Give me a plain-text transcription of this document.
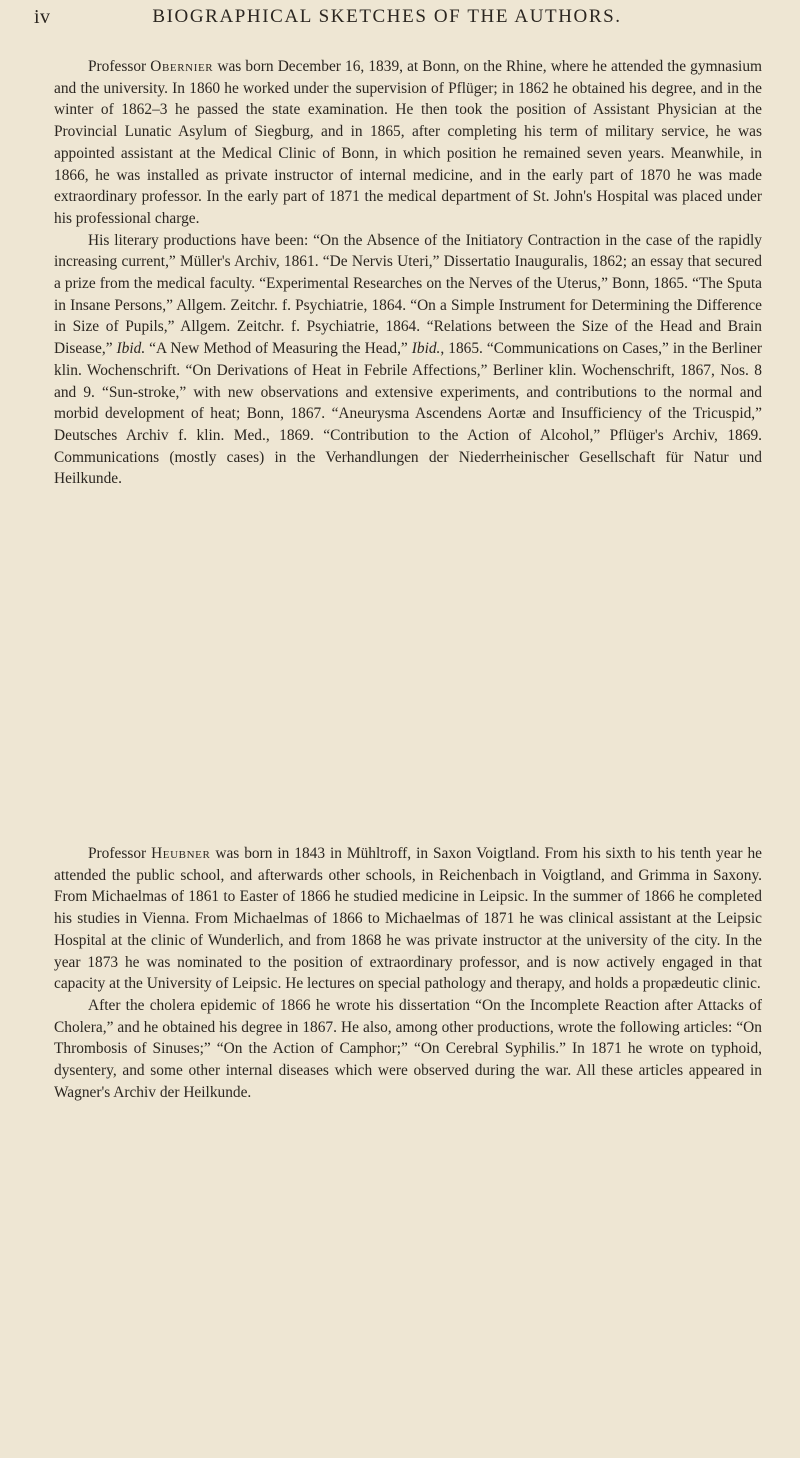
iv	BIOGRAPHICAL SKETCHES OF THE AUTHORS.

Professor Obernier was born December 16, 1839, at Bonn, on the Rhine, where he attended the gymnasium and the university. In 1860 he worked under the supervision of Pflüger; in 1862 he obtained his degree, and in the winter of 1862–3 he passed the state examination. He then took the position of Assistant Physician at the Provincial Lunatic Asylum of Siegburg, and in 1865, after completing his term of military service, he was appointed assistant at the Medical Clinic of Bonn, in which position he remained seven years. Meanwhile, in 1866, he was installed as private instructor of internal medicine, and in the early part of 1870 he was made extraordinary professor. In the early part of 1871 the medical department of St. John's Hospital was placed under his professional charge.

His literary productions have been: “On the Absence of the Initiatory Contraction in the case of the rapidly increasing current,” Müller's Archiv, 1861. “De Nervis Uteri,” Dissertatio Inauguralis, 1862; an essay that secured a prize from the medical faculty. “Experimental Researches on the Nerves of the Uterus,” Bonn, 1865. “The Sputa in Insane Persons,” Allgem. Zeitchr. f. Psychiatrie, 1864. “On a Simple Instrument for Determining the Difference in Size of Pupils,” Allgem. Zeitchr. f. Psychiatrie, 1864. “Relations between the Size of the Head and Brain Disease,” Ibid. “A New Method of Measuring the Head,” Ibid., 1865. “Communications on Cases,” in the Berliner klin. Wochenschrift. “On Derivations of Heat in Febrile Affections,” Berliner klin. Wochenschrift, 1867, Nos. 8 and 9. “Sun-stroke,” with new observations and extensive experiments, and contributions to the normal and morbid development of heat; Bonn, 1867. “Aneurysma Ascendens Aortæ and Insufficiency of the Tricuspid,” Deutsches Archiv f. klin. Med., 1869. “Contribution to the Action of Alcohol,” Pflüger's Archiv, 1869. Communications (mostly cases) in the Verhandlungen der Niederrheinischer Gesellschaft für Natur und Heilkunde.

Professor Heubner was born in 1843 in Mühltroff, in Saxon Voigtland. From his sixth to his tenth year he attended the public school, and afterwards other schools, in Reichenbach in Voigtland, and Grimma in Saxony. From Michaelmas of 1861 to Easter of 1866 he studied medicine in Leipsic. In the summer of 1866 he completed his studies in Vienna. From Michaelmas of 1866 to Michaelmas of 1871 he was clinical assistant at the Leipsic Hospital at the clinic of Wunderlich, and from 1868 he was private instructor at the university of the city. In the year 1873 he was nominated to the position of extraordinary professor, and is now actively engaged in that capacity at the University of Leipsic. He lectures on special pathology and therapy, and holds a propædeutic clinic.

After the cholera epidemic of 1866 he wrote his dissertation “On the Incomplete Reaction after Attacks of Cholera,” and he obtained his degree in 1867. He also, among other productions, wrote the following articles: “On Thrombosis of Sinuses;” “On the Action of Camphor;” “On Cerebral Syphilis.” In 1871 he wrote on typhoid, dysentery, and some other internal diseases which were observed during the war. All these articles appeared in Wagner's Archiv der Heilkunde.
